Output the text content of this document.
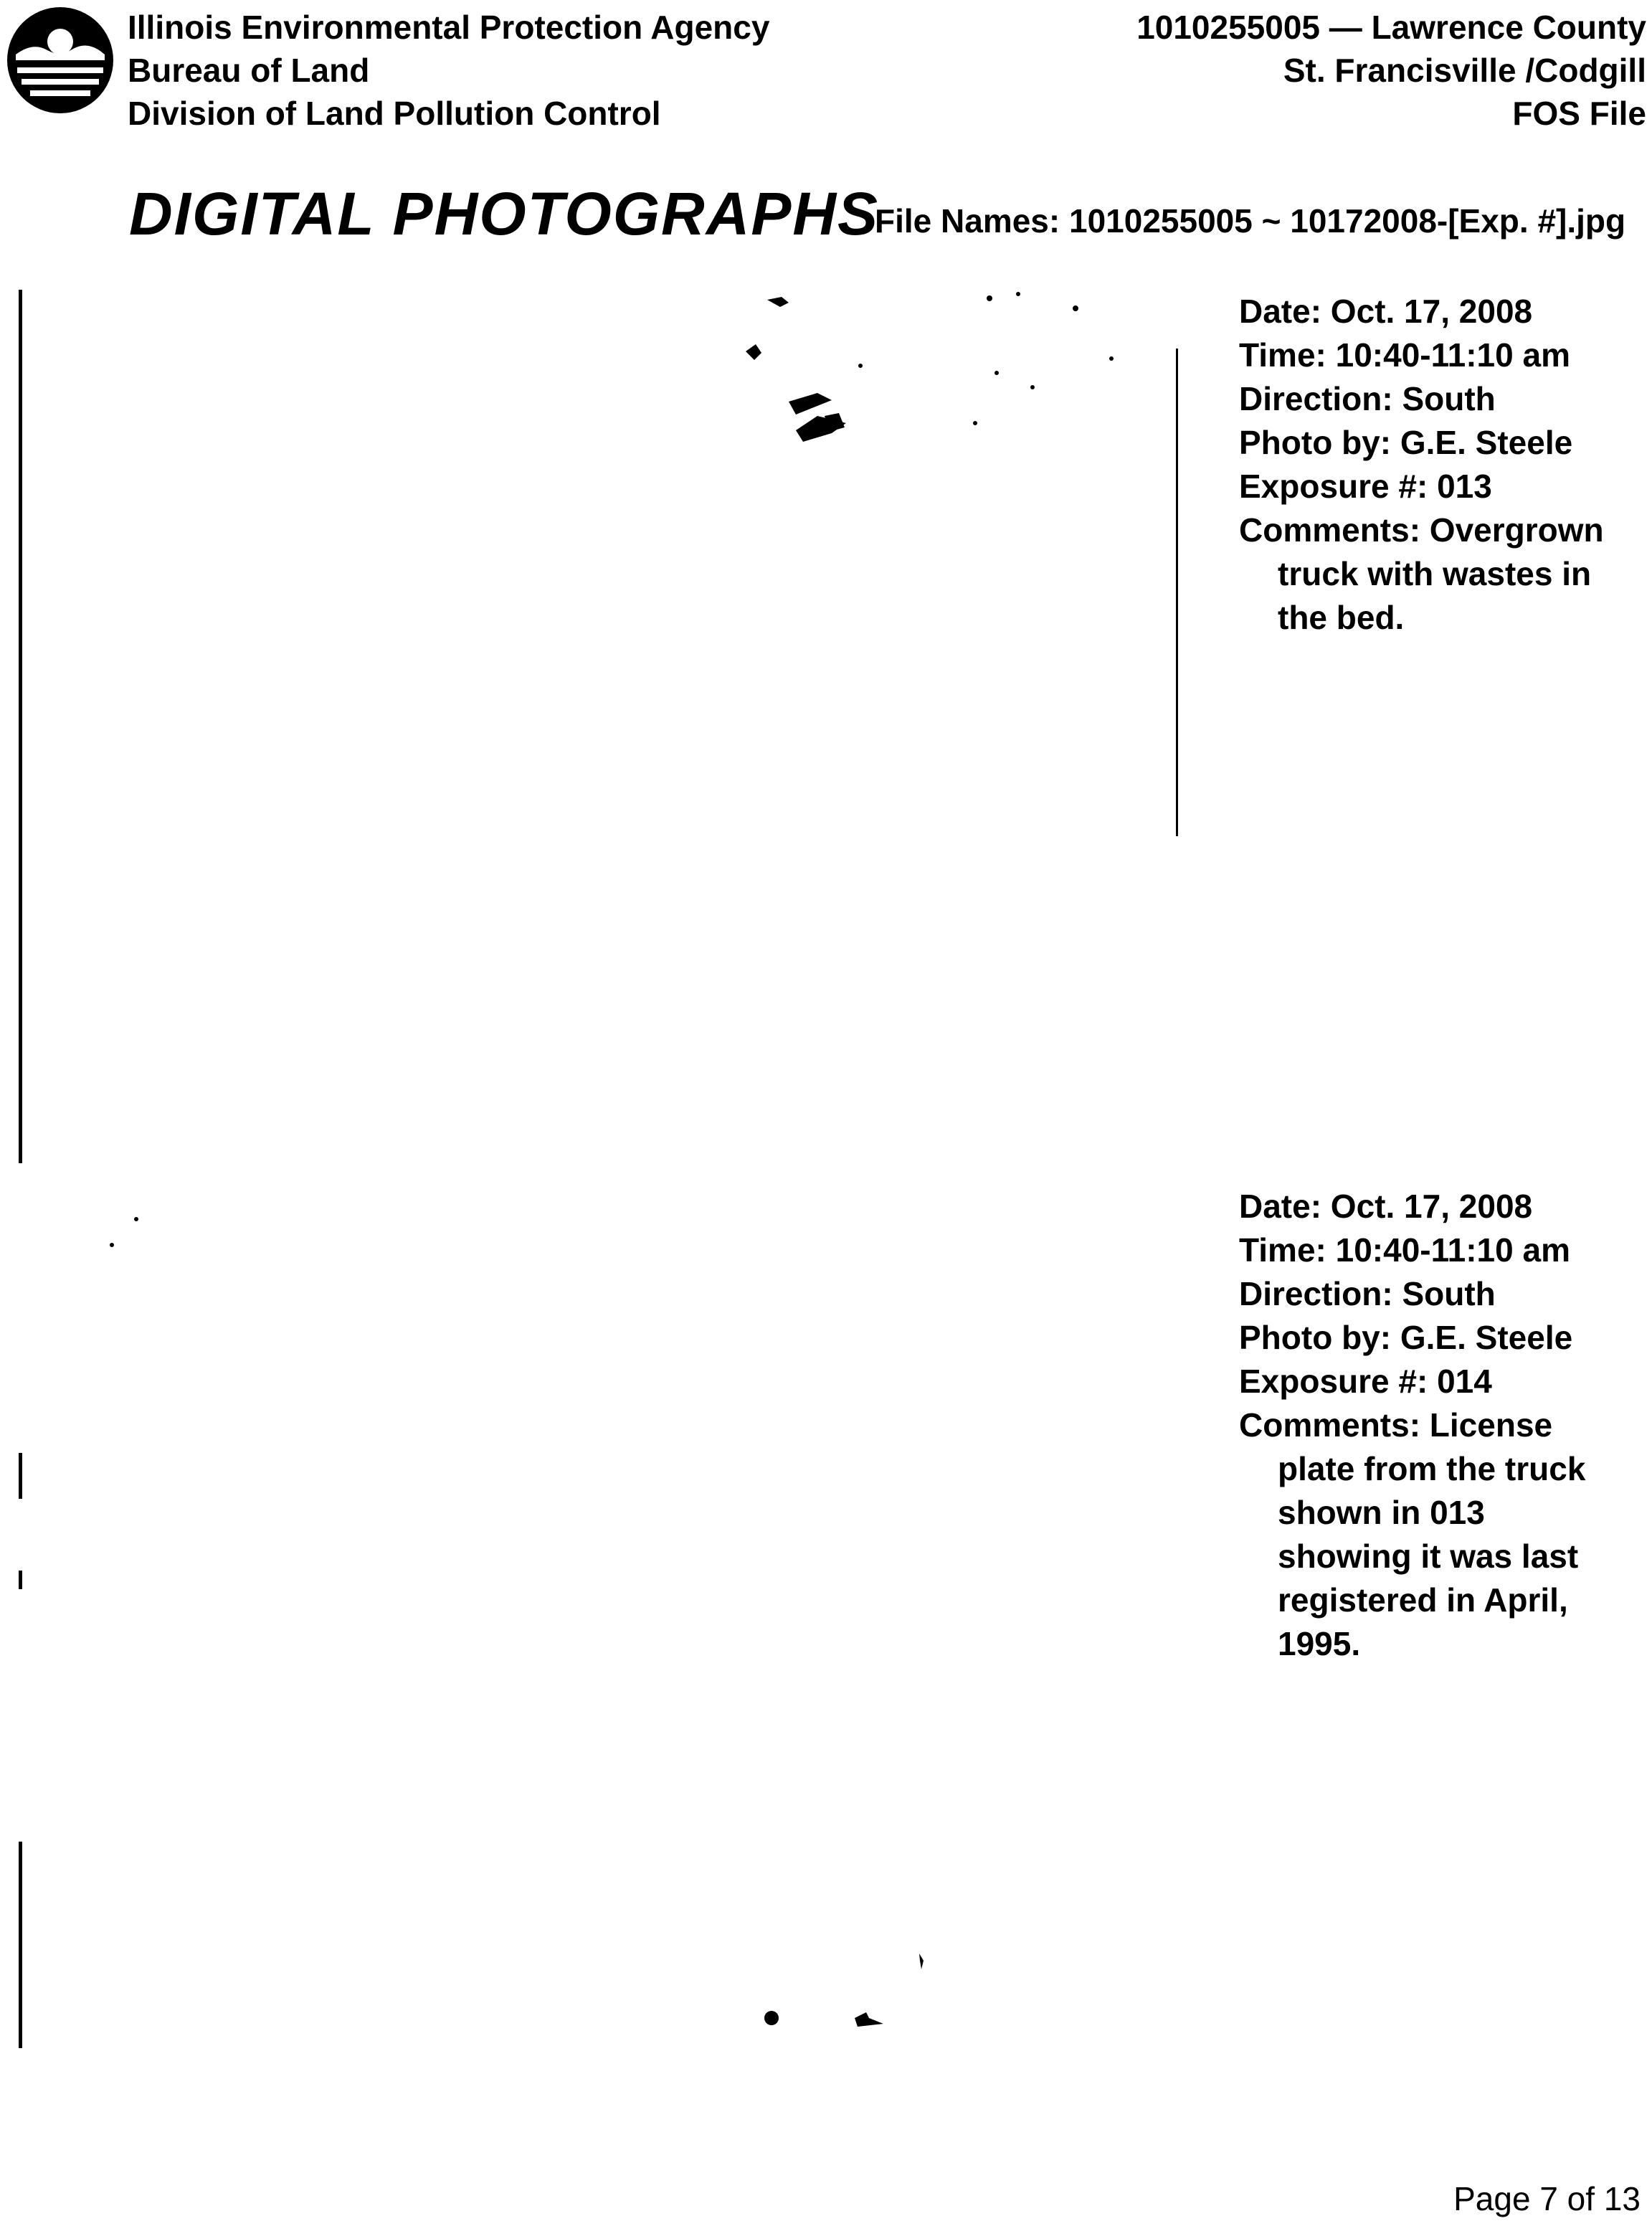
Illinois Environmental Protection Agency
Bureau of Land
Division of Land Pollution Control
1010255005 — Lawrence County
St. Francisville /Codgill
FOS File
DIGITAL PHOTOGRAPHS
File Names: 1010255005 ~ 10172008-[Exp. #].jpg
Date: Oct. 17, 2008
Time: 10:40-11:10 am
Direction: South
Photo by: G.E. Steele
Exposure #: 013
Comments: Overgrown
truck with wastes in the bed.
Date: Oct. 17, 2008
Time: 10:40-11:10 am
Direction: South
Photo by: G.E. Steele
Exposure #: 014
Comments: License
plate from the truck shown in 013 showing it was last registered in April, 1995.
Page 7 of 13
